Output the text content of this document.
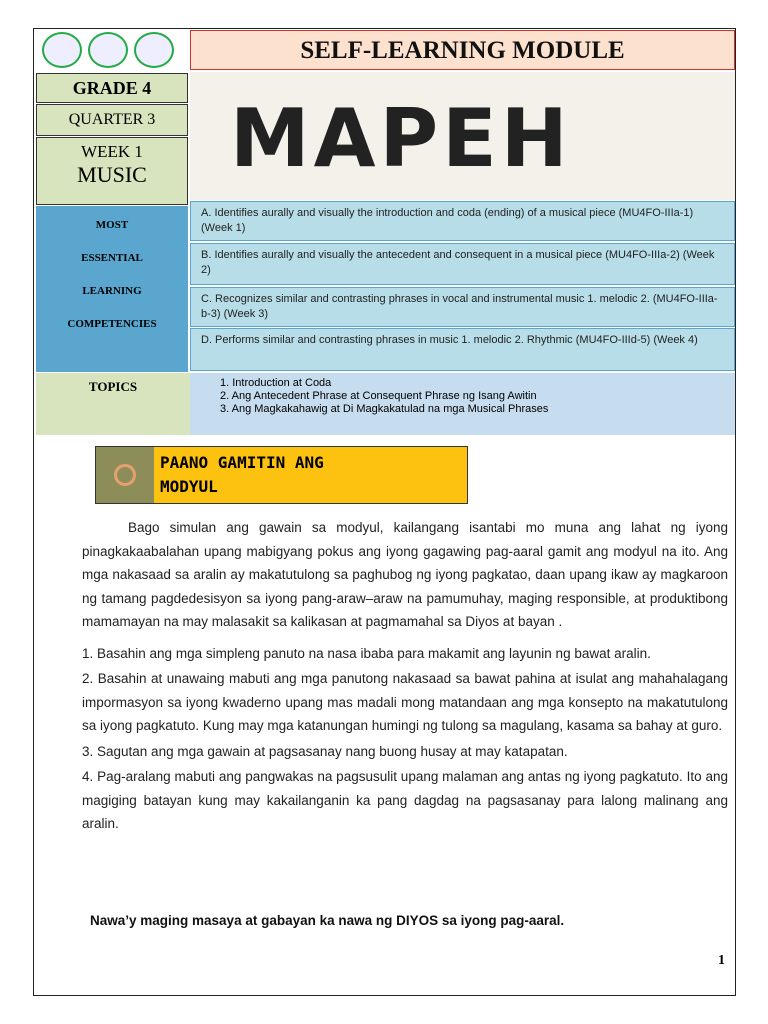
SELF-LEARNING MODULE
GRADE 4
QUARTER 3
WEEK 1
MUSIC	MAPEH
MOST
ESSENTIAL
LEARNING
COMPETENCIES
A. Identifies aurally and visually the introduction and coda (ending) of a musical piece (MU4FO-IIIa-1) (Week 1)
B. Identifies aurally and visually the antecedent and consequent in a musical piece (MU4FO-IIIa-2) (Week 2)
C. Recognizes similar and contrasting phrases in vocal and instrumental music 1. melodic 2. (MU4FO-IIIa-b-3) (Week 3)
D. Performs similar and contrasting phrases in music 1. melodic 2. Rhythmic (MU4FO-IIId-5) (Week 4)
TOPICS	1. Introduction at Coda
2. Ang Antecedent Phrase at Consequent Phrase ng Isang Awitin
3. Ang Magkakahawig at Di Magkakatulad na mga Musical Phrases
PAANO GAMITIN ANG
MODYUL

Bago simulan ang gawain sa modyul, kailangang isantabi mo muna ang lahat ng iyong pinagkakaabalahan upang mabigyang pokus ang iyong gagawing pag-aaral gamit ang modyul na ito. Ang mga nakasaad sa aralin ay makatutulong sa paghubog ng iyong pagkatao, daan upang ikaw ay magkaroon ng tamang pagdedesisyon sa iyong pang-araw–araw na pamumuhay, maging responsible, at produktibong mamamayan na may malasakit sa kalikasan at pagmamahal sa Diyos at bayan .

1. Basahin ang mga simpleng panuto na nasa ibaba para makamit ang layunin ng bawat aralin.

2. Basahin at unawaing mabuti ang mga panutong nakasaad sa bawat pahina at isulat ang mahahalagang impormasyon sa iyong kwaderno upang mas madali mong matandaan ang mga konsepto na makatutulong sa iyong pagkatuto. Kung may mga katanungan humingi ng tulong sa magulang, kasama sa bahay at guro.

3. Sagutan ang mga gawain at pagsasanay nang buong husay at may katapatan.

4. Pag-aralang mabuti ang pangwakas na pagsusulit upang malaman ang antas ng iyong pagkatuto. Ito ang magiging batayan kung may kakailanganin ka pang dagdag na pagsasanay para lalong malinang ang aralin.

Nawa’y maging masaya at gabayan ka nawa ng DIYOS sa iyong pag-aaral.
1
